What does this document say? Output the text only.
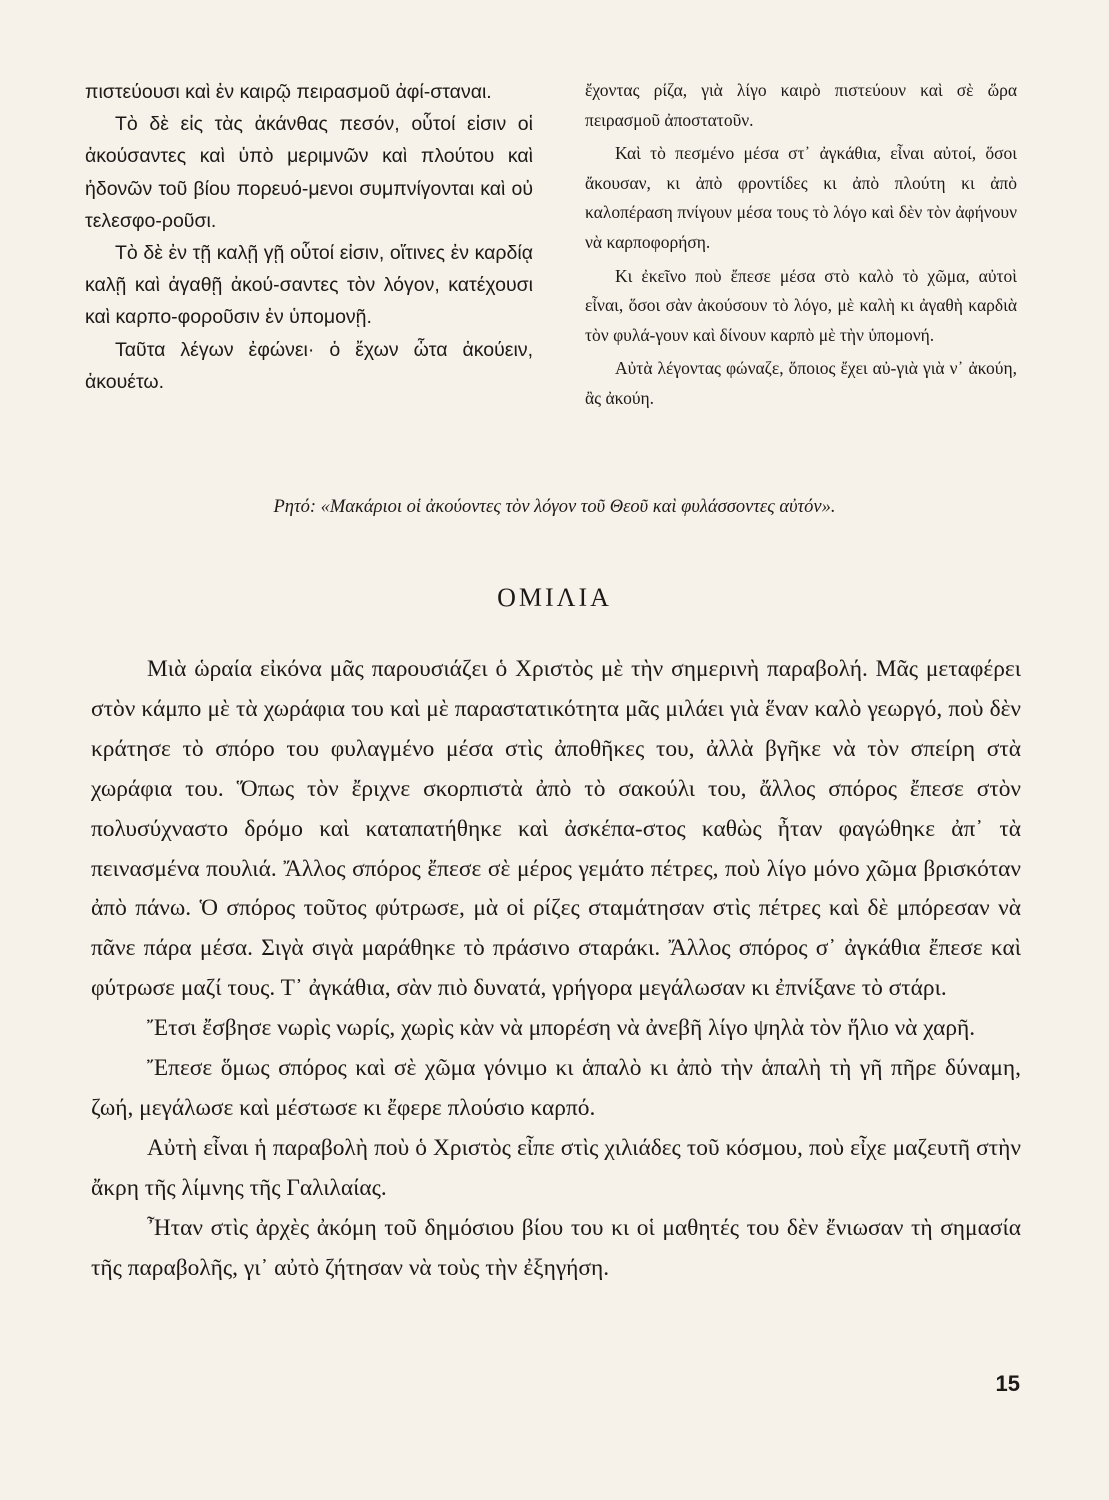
πιστεύουσι καὶ ἐν καιρῷ πειρασμοῦ ἀφί-σταναι.

Τὸ δὲ εἰς τὰς ἀκάνθας πεσόν, οὗτοί εἰσιν οἱ ἀκούσαντες καὶ ὑπὸ μεριμνῶν καὶ πλούτου καὶ ἡδονῶν τοῦ βίου πορευό-μενοι συμπνίγονται καὶ οὐ τελεσφο-ροῦσι.

Τὸ δὲ ἐν τῇ καλῇ γῇ οὗτοί εἰσιν, οἵτινες ἐν καρδίᾳ καλῇ καὶ ἀγαθῇ ἀκού-σαντες τὸν λόγον, κατέχουσι καὶ καρπο-φοροῦσιν ἐν ὑπομονῇ.

Ταῦτα λέγων ἐφώνει· ὁ ἔχων ὦτα ἀκούειν, ἀκουέτω.

ἔχοντας ρίζα, γιὰ λίγο καιρὸ πιστεύουν καὶ σὲ ὥρα πειρασμοῦ ἀποστατοῦν.

Καὶ τὸ πεσμένο μέσα στ᾽ ἀγκάθια, εἶναι αὐτοί, ὅσοι ἄκουσαν, κι ἀπὸ φροντίδες κι ἀπὸ πλούτη κι ἀπὸ καλοπέραση πνίγουν μέσα τους τὸ λόγο καὶ δὲν τὸν ἀφήνουν νὰ καρποφορήση.

Κι ἐκεῖνο ποὺ ἔπεσε μέσα στὸ καλὸ τὸ χῶμα, αὐτοὶ εἶναι, ὅσοι σὰν ἀκούσουν τὸ λόγο, μὲ καλὴ κι ἀγαθὴ καρδιὰ τὸν φυλά-γουν καὶ δίνουν καρπὸ μὲ τὴν ὑπομονή.

Αὐτὰ λέγοντας φώναζε, ὅποιος ἔχει αὐ-γιὰ γιὰ ν᾽ ἀκούη, ἂς ἀκούη.

Ρητό: «Μακάριοι οἱ ἀκούοντες τὸν λόγον τοῦ Θεοῦ καὶ φυλάσσοντες αὐτόν».
ΟΜΙΛΙΑ

Μιὰ ὡραία εἰκόνα μᾶς παρουσιάζει ὁ Χριστὸς μὲ τὴν σημερινὴ παραβολή. Μᾶς μεταφέρει στὸν κάμπο μὲ τὰ χωράφια του καὶ μὲ παραστατικότητα μᾶς μιλάει γιὰ ἕναν καλὸ γεωργό, ποὺ δὲν κράτησε τὸ σπόρο του φυλαγμένο μέσα στὶς ἀποθῆκες του, ἀλλὰ βγῆκε νὰ τὸν σπείρη στὰ χωράφια του. Ὅπως τὸν ἔριχνε σκορπιστὰ ἀπὸ τὸ σακούλι του, ἄλλος σπόρος ἔπεσε στὸν πολυσύχναστο δρόμο καὶ καταπατήθηκε καὶ ἀσκέπα-στος καθὼς ἦταν φαγώθηκε ἀπ᾽ τὰ πεινασμένα πουλιά. Ἄλλος σπόρος ἔπεσε σὲ μέρος γεμάτο πέτρες, ποὺ λίγο μόνο χῶμα βρισκόταν ἀπὸ πάνω. Ὁ σπόρος τοῦτος φύτρωσε, μὰ οἱ ρίζες σταμάτησαν στὶς πέτρες καὶ δὲ μπόρεσαν νὰ πᾶνε πάρα μέσα. Σιγὰ σιγὰ μαράθηκε τὸ πράσινο σταράκι. Ἄλλος σπόρος σ᾽ ἀγκάθια ἔπεσε καὶ φύτρωσε μαζί τους. Τ᾽ ἀγκάθια, σὰν πιὸ δυνατά, γρήγορα μεγάλωσαν κι ἐπνίξανε τὸ στάρι.

Ἔτσι ἔσβησε νωρὶς νωρίς, χωρὶς κὰν νὰ μπορέση νὰ ἀνεβῆ λίγο ψηλὰ τὸν ἥλιο νὰ χαρῆ.

Ἔπεσε ὅμως σπόρος καὶ σὲ χῶμα γόνιμο κι ἁπαλὸ κι ἀπὸ τὴν ἁπαλὴ τὴ γῆ πῆρε δύναμη, ζωή, μεγάλωσε καὶ μέστωσε κι ἔφερε πλούσιο καρπό.

Αὐτὴ εἶναι ἡ παραβολὴ ποὺ ὁ Χριστὸς εἶπε στὶς χιλιάδες τοῦ κόσμου, ποὺ εἶχε μαζευτῆ στὴν ἄκρη τῆς λίμνης τῆς Γαλιλαίας.

Ἦταν στὶς ἀρχὲς ἀκόμη τοῦ δημόσιου βίου του κι οἱ μαθητές του δὲν ἔνιωσαν τὴ σημασία τῆς παραβολῆς, γι᾽ αὐτὸ ζήτησαν νὰ τοὺς τὴν ἐξηγήση.

15
